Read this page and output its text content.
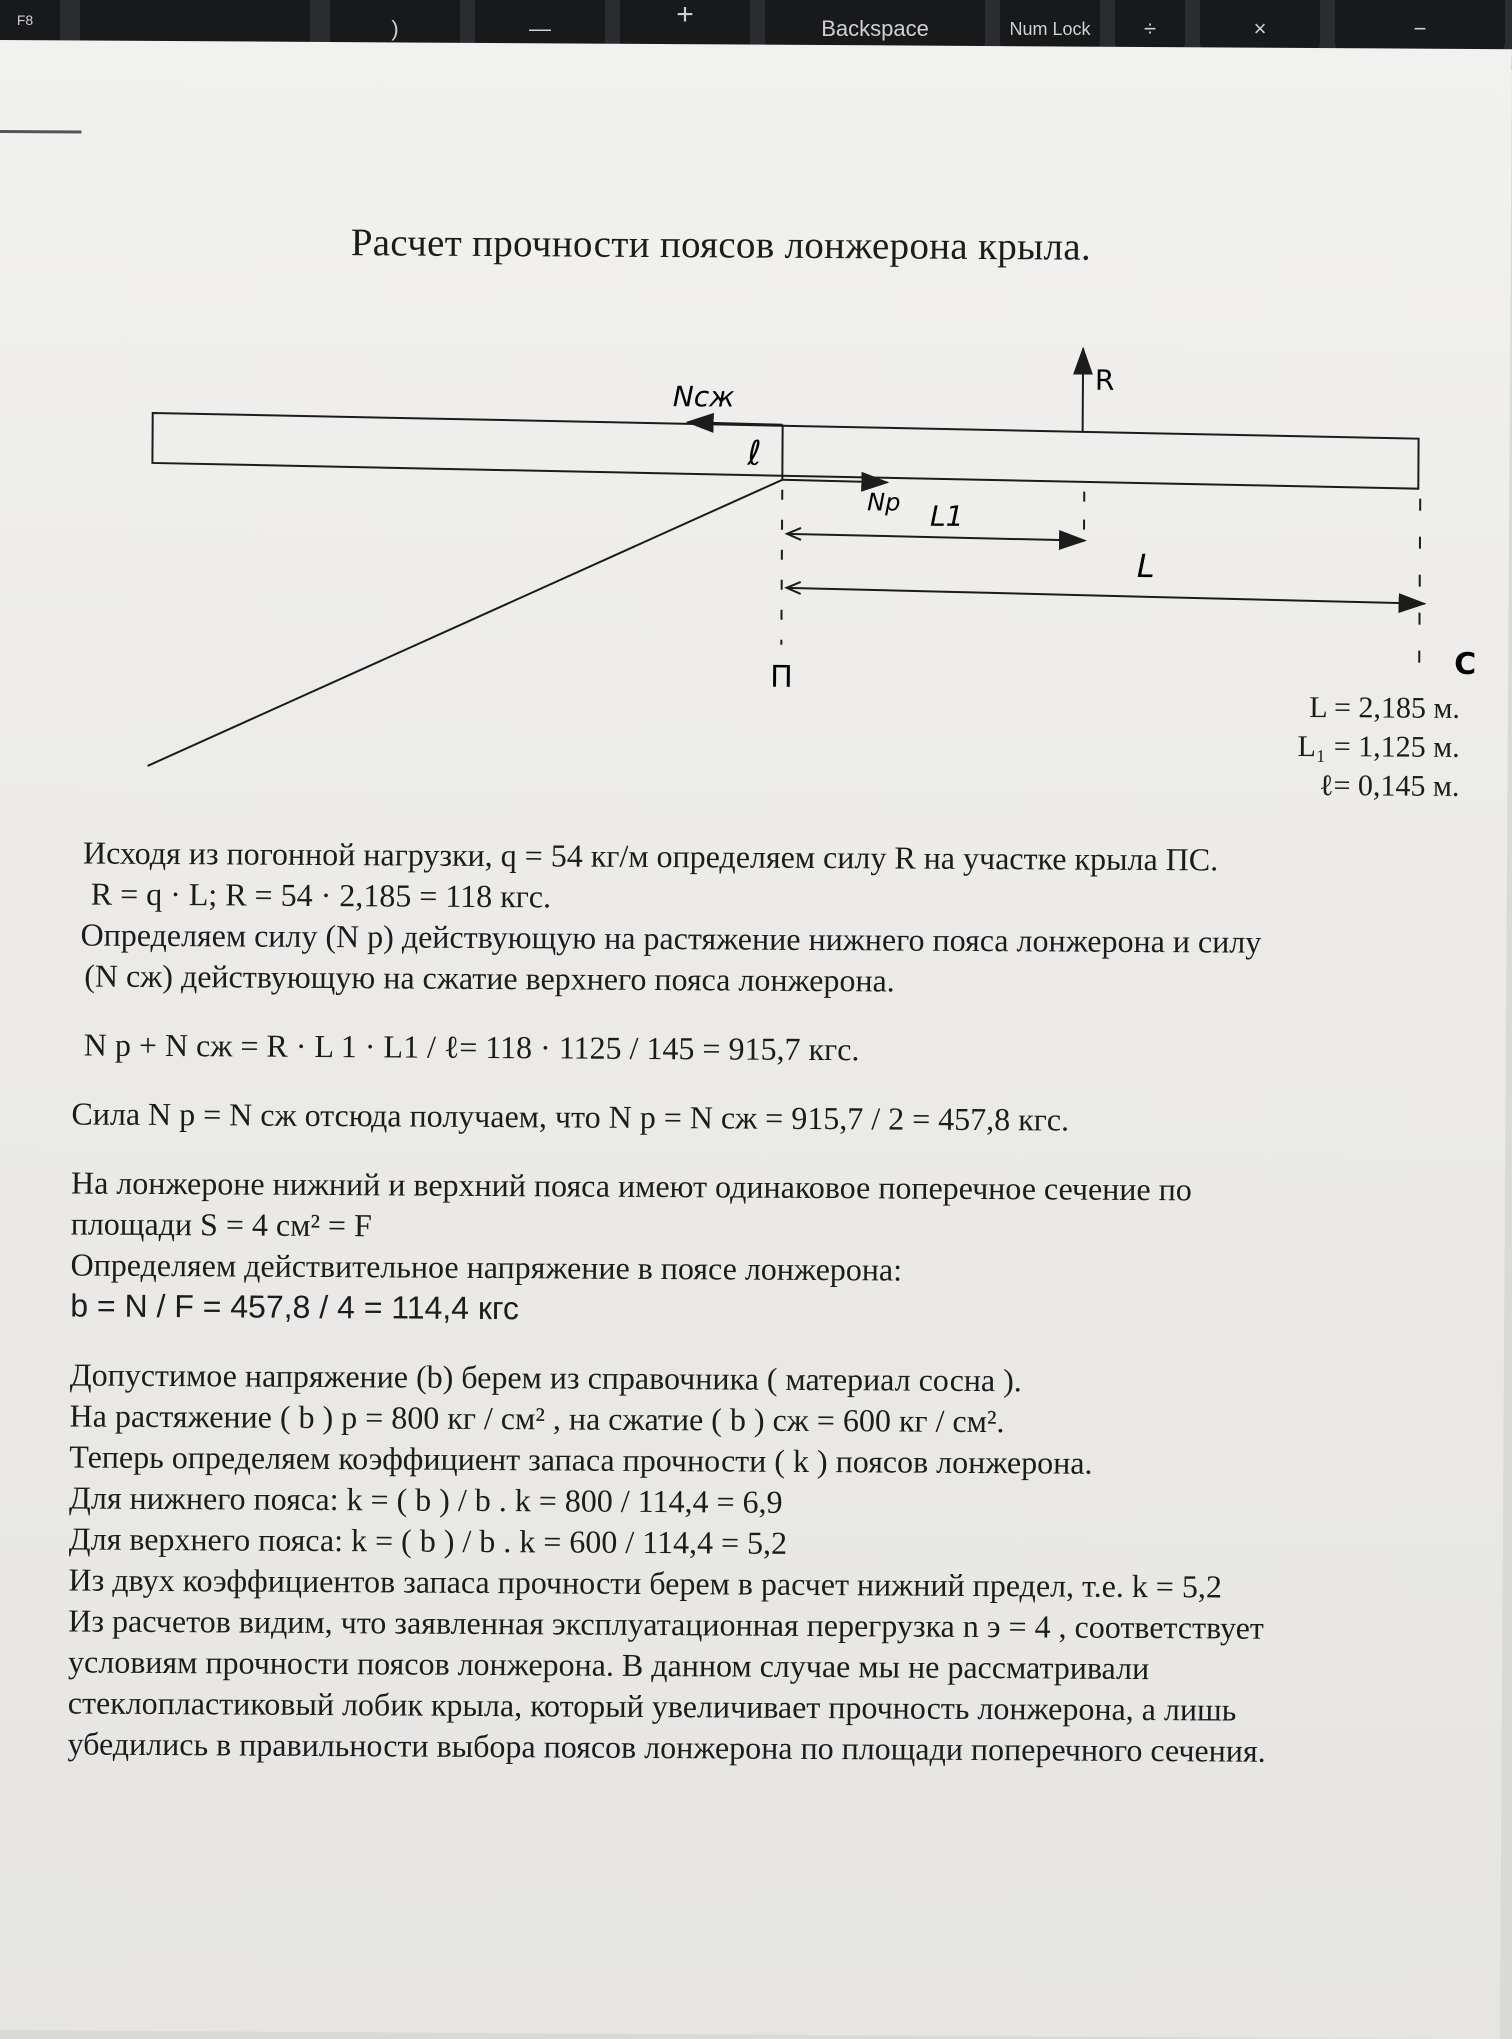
F8	)	—	+	Backspace	Num Lock	÷	×	−
Расчет прочности поясов лонжерона крыла.
Nсж
ℓ
R
Np L1
L
П	С
L = 2,185 м.
L₁ = 1,125 м.
ℓ= 0,145 м.
Исходя из погонной нагрузки, q = 54 кг/м определяем силу R на участке крыла ПС.
R = q · L; R = 54 · 2,185 = 118 кгс.
Определяем силу (N p) действующую на растяжение нижнего пояса лонжерона и силу
(N сж) действующую на сжатие верхнего пояса лонжерона.
N p + N сж = R · L 1 · L1 / ℓ= 118 · 1125 / 145 = 915,7 кгс.
Сила N p = N сж отсюда получаем, что N p = N сж = 915,7 / 2 = 457,8 кгс.
На лонжероне нижний и верхний пояса имеют одинаковое поперечное сечение по
площади S = 4 см² = F
Определяем действительное напряжение в поясе лонжерона:
b = N / F = 457,8 / 4 = 114,4 кгс
Допустимое напряжение (b) берем из справочника ( материал сосна ).
На растяжение ( b ) p = 800 кг / см² , на сжатие ( b ) сж = 600 кг / см².
Теперь определяем коэффициент запаса прочности ( k ) поясов лонжерона.
Для нижнего пояса: k = ( b ) / b . k = 800 / 114,4 = 6,9
Для верхнего пояса: k = ( b ) / b . k = 600 / 114,4 = 5,2
Из двух коэффициентов запаса прочности берем в расчет нижний предел, т.е. k = 5,2
Из расчетов видим, что заявленная эксплуатационная перегрузка n э = 4 , соответствует
условиям прочности поясов лонжерона. В данном случае мы не рассматривали
стеклопластиковый лобик крыла, который увеличивает прочность лонжерона, а лишь
убедились в правильности выбора поясов лонжерона по площади поперечного сечения.
